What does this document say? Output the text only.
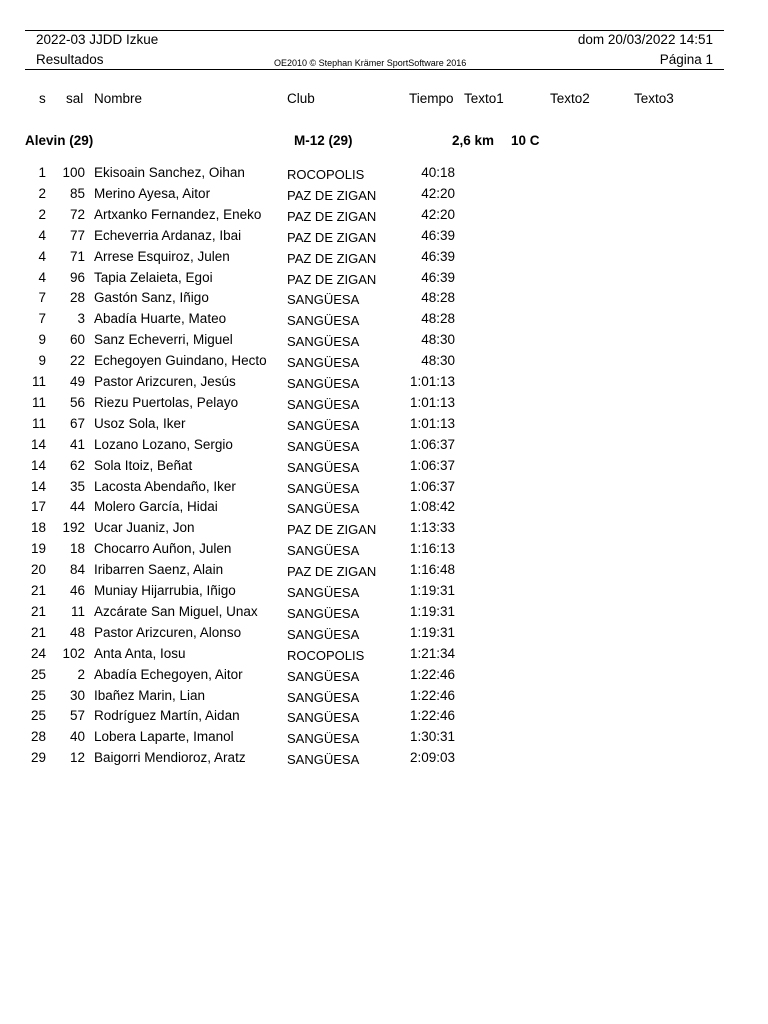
2022-03 JJDD Izkue	dom 20/03/2022 14:51
Resultados	OE2010 © Stephan Krämer SportSoftware 2016	Página 1
s sal Nombre	Club	Tiempo Texto1	Texto2	Texto3
Alevin (29)	M-12 (29)	2,6 km 10 C
1	100 Ekisoain Sanchez, Oihan	ROCOPOLIS	40:18
2	85 Merino Ayesa, Aitor	PAZ DE ZIGAN	42:20
2	72 Artxanko Fernandez, Eneko	PAZ DE ZIGAN	42:20
4	77 Echeverria Ardanaz, Ibai	PAZ DE ZIGAN	46:39
4	71 Arrese Esquiroz, Julen	PAZ DE ZIGAN	46:39
4	96 Tapia Zelaieta, Egoi	PAZ DE ZIGAN	46:39
7	28 Gastón Sanz, Iñigo	SANGÜESA	48:28
7	3 Abadía Huarte, Mateo	SANGÜESA	48:28
9	60 Sanz Echeverri, Miguel	SANGÜESA	48:30
9	22 Echegoyen Guindano, Hecto	SANGÜESA	48:30
11	49 Pastor Arizcuren, Jesús	SANGÜESA	1:01:13
11	56 Riezu Puertolas, Pelayo	SANGÜESA	1:01:13
11	67 Usoz Sola, Iker	SANGÜESA	1:01:13
14	41 Lozano Lozano, Sergio	SANGÜESA	1:06:37
14	62 Sola Itoiz, Beñat	SANGÜESA	1:06:37
14	35 Lacosta Abendaño, Iker	SANGÜESA	1:06:37
17	44 Molero García, Hidai	SANGÜESA	1:08:42
18	192 Ucar Juaniz, Jon	PAZ DE ZIGAN	1:13:33
19	18 Chocarro Auñon, Julen	SANGÜESA	1:16:13
20	84 Iribarren Saenz, Alain	PAZ DE ZIGAN	1:16:48
21	46 Muniay Hijarrubia, Iñigo	SANGÜESA	1:19:31
21	11 Azcárate San Miguel, Unax	SANGÜESA	1:19:31
21	48 Pastor Arizcuren, Alonso	SANGÜESA	1:19:31
24	102 Anta Anta, Iosu	ROCOPOLIS	1:21:34
25	2 Abadía Echegoyen, Aitor	SANGÜESA	1:22:46
25	30 Ibañez Marin, Lian	SANGÜESA	1:22:46
25	57 Rodríguez Martín, Aidan	SANGÜESA	1:22:46
28	40 Lobera Laparte, Imanol	SANGÜESA	1:30:31
29	12 Baigorri Mendioroz, Aratz	SANGÜESA	2:09:03
